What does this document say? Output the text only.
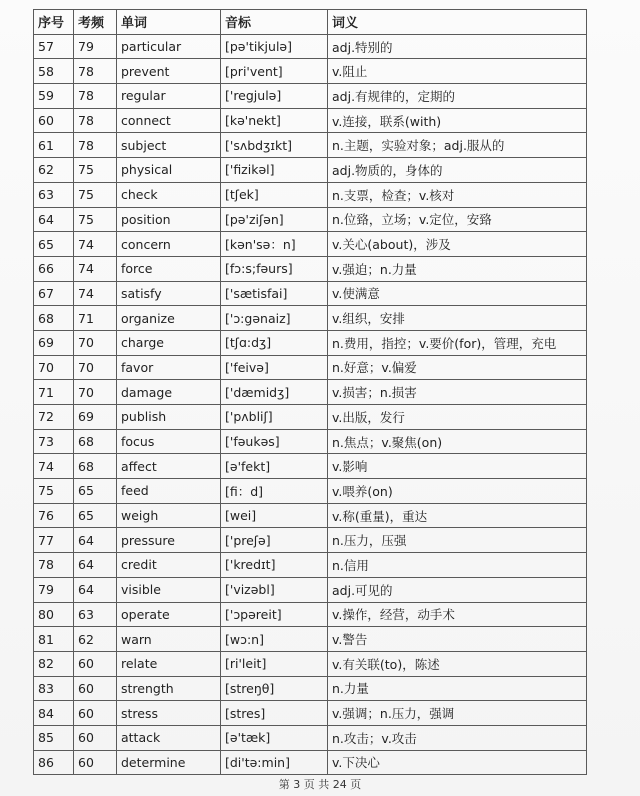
序号	考频	单词	音标	词义
57	79	particular	[pə'tikjulə]	adj.特别的
58	78	prevent	[pri'vent]	v.阻止
59	78	regular	['regjulə]	adj.有规律的，定期的
60	78	connect	[kə'nekt]	v.连接，联系(with)
61	78	subject	['sʌbdʒɪkt]	n.主题，实验对象；adj.服从的
62	75	physical	['fizikəl]	adj.物质的，身体的
63	75	check	[tʃek]	n.支票，检查；v.核对
64	75	position	[pə'ziʃən]	n.位臵，立场；v.定位，安臵
65	74	concern	[kən'sə：n]	v.关心(about)，涉及
66	74	force	[fɔ:s;fəurs]	v.强迫；n.力量
67	74	satisfy	['sætisfai]	v.使满意
68	71	organize	['ɔ:gənaiz]	v.组织，安排
69	70	charge	[tʃɑ:dʒ]	n.费用，指控；v.要价(for)，管理，充电
70	70	favor	['feivə]	n.好意；v.偏爱
71	70	damage	['dæmidʒ]	v.损害；n.损害
72	69	publish	['pʌbliʃ]	v.出版，发行
73	68	focus	['fəukəs]	n.焦点；v.聚焦(on)
74	68	affect	[ə'fekt]	v.影响
75	65	feed	[fi：d]	v.喂养(on)
76	65	weigh	[wei]	v.称(重量)，重达
77	64	pressure	['preʃə]	n.压力，压强
78	64	credit	['kredɪt]	n.信用
79	64	visible	['vizəbl]	adj.可见的
80	63	operate	['ɔpəreit]	v.操作，经营，动手术
81	62	warn	[wɔ:n]	v.警告
82	60	relate	[ri'leit]	v.有关联(to)，陈述
83	60	strength	[streŋθ]	n.力量
84	60	stress	[stres]	v.强调；n.压力，强调
85	60	attack	[ə'tæk]	n.攻击；v.攻击
86	60	determine	[di'tə:min]	v.下决心
第 3 页 共 24 页
